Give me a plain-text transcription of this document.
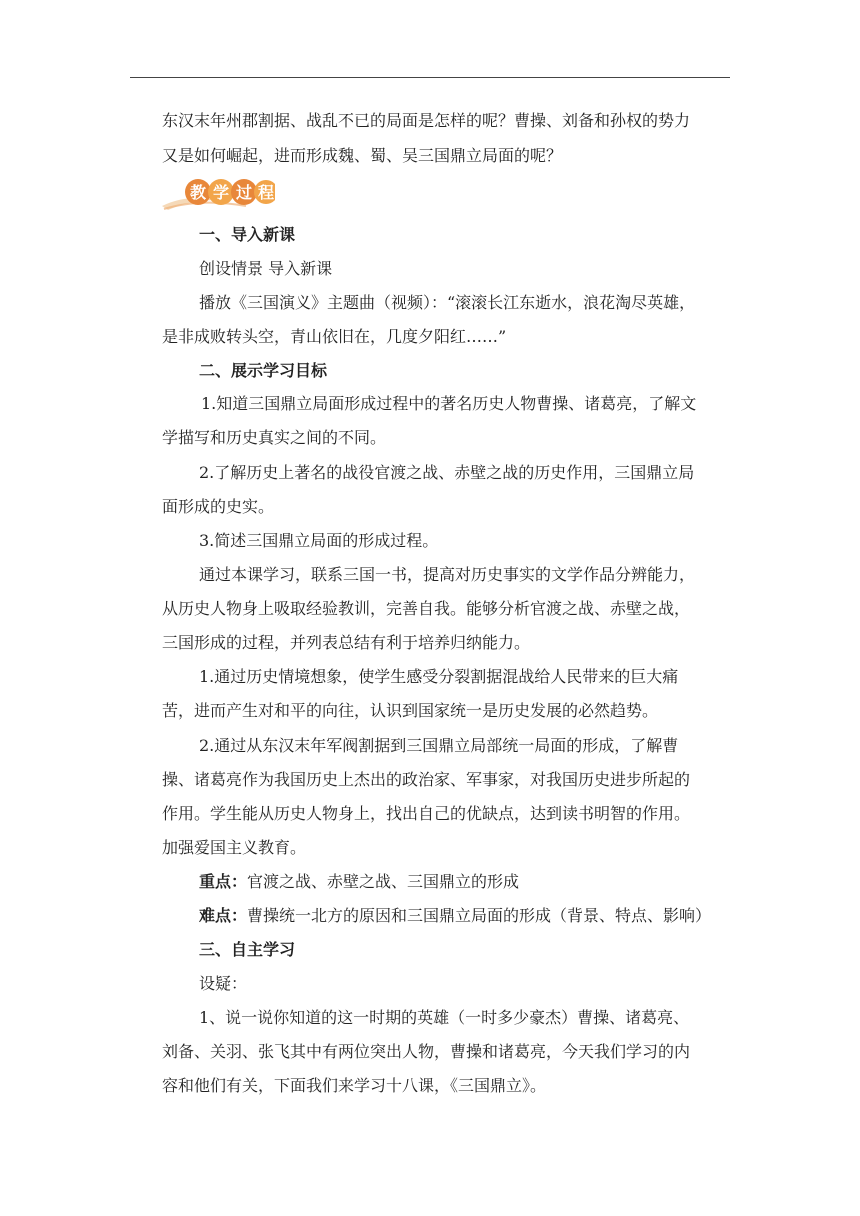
东汉末年州郡割据、战乱不已的局面是怎样的呢？曹操、刘备和孙权的势力
又是如何崛起，进而形成魏、蜀、吴三国鼎立局面的呢？
教 学 过 程
一、导入新课
创设情景 导入新课
播放《三国演义》主题曲（视频）：“滚滚长江东逝水，浪花淘尽英雄，
是非成败转头空，青山依旧在，几度夕阳红……”
二、展示学习目标
1.知道三国鼎立局面形成过程中的著名历史人物曹操、诸葛亮，了解文
学描写和历史真实之间的不同。
2.了解历史上著名的战役官渡之战、赤壁之战的历史作用，三国鼎立局
面形成的史实。
3.简述三国鼎立局面的形成过程。
通过本课学习，联系三国一书，提高对历史事实的文学作品分辨能力，
从历史人物身上吸取经验教训，完善自我。能够分析官渡之战、赤壁之战，
三国形成的过程，并列表总结有利于培养归纳能力。
1.通过历史情境想象，使学生感受分裂割据混战给人民带来的巨大痛
苦，进而产生对和平的向往，认识到国家统一是历史发展的必然趋势。
2.通过从东汉末年军阀割据到三国鼎立局部统一局面的形成，了解曹
操、诸葛亮作为我国历史上杰出的政治家、军事家，对我国历史进步所起的
作用。学生能从历史人物身上，找出自己的优缺点，达到读书明智的作用。
加强爱国主义教育。
重点：官渡之战、赤壁之战、三国鼎立的形成
难点：曹操统一北方的原因和三国鼎立局面的形成（背景、特点、影响）
三、自主学习
设疑：
1、说一说你知道的这一时期的英雄（一时多少豪杰）曹操、诸葛亮、
刘备、关羽、张飞其中有两位突出人物，曹操和诸葛亮，今天我们学习的内
容和他们有关，下面我们来学习十八课，《三国鼎立》。
